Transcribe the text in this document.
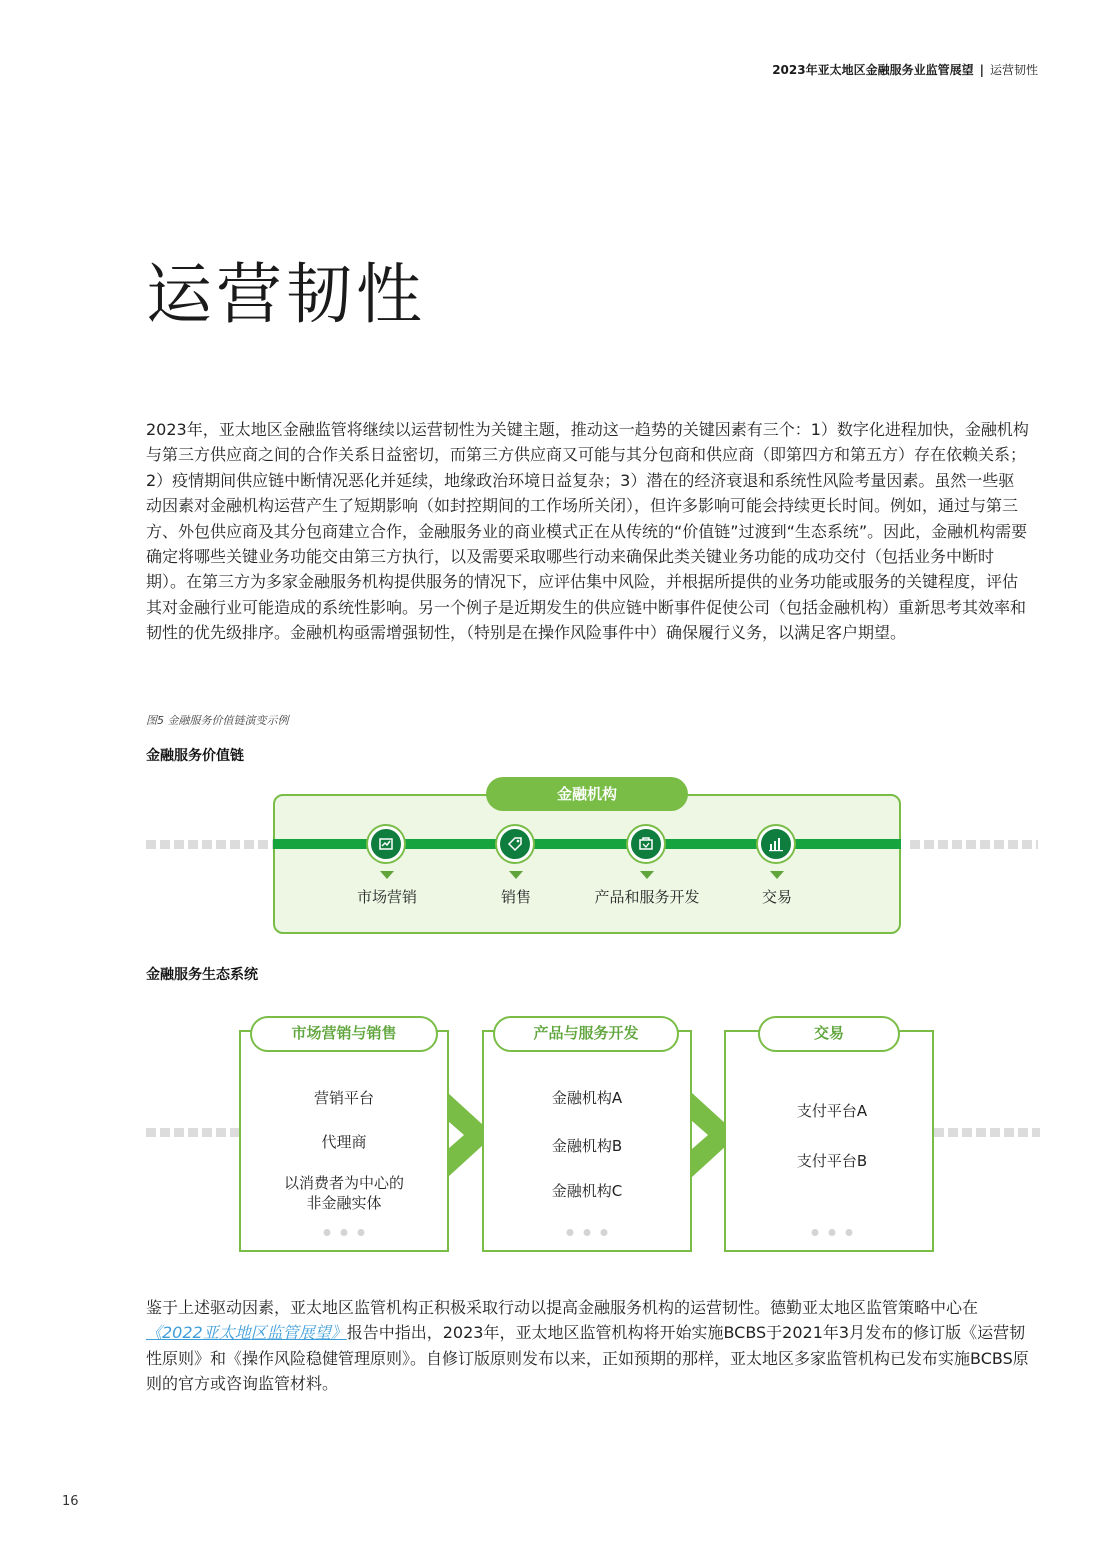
2023年亚太地区金融服务业监管展望 | 运营韧性
运营韧性

2023年，亚太地区金融监管将继续以运营韧性为关键主题，推动这一趋势的关键因素有三个：1）数字化进程加快，金融机构与第三方供应商之间的合作关系日益密切，而第三方供应商又可能与其分包商和供应商（即第四方和第五方）存在依赖关系；2）疫情期间供应链中断情况恶化并延续，地缘政治环境日益复杂；3）潜在的经济衰退和系统性风险考量因素。虽然一些驱动因素对金融机构运营产生了短期影响（如封控期间的工作场所关闭），但许多影响可能会持续更长时间。例如，通过与第三方、外包供应商及其分包商建立合作，金融服务业的商业模式正在从传统的“价值链”过渡到“生态系统”。因此，金融机构需要确定将哪些关键业务功能交由第三方执行，以及需要采取哪些行动来确保此类关键业务功能的成功交付（包括业务中断时期）。在第三方为多家金融服务机构提供服务的情况下，应评估集中风险，并根据所提供的业务功能或服务的关键程度，评估其对金融行业可能造成的系统性影响。另一个例子是近期发生的供应链中断事件促使公司（包括金融机构）重新思考其效率和韧性的优先级排序。金融机构亟需增强韧性，（特别是在操作风险事件中）确保履行义务，以满足客户期望。

图5 金融服务价值链演变示例
金融服务价值链
金融机构
市场营销	销售	产品和服务开发	交易
金融服务生态系统
市场营销与销售
营销平台
代理商
以消费者为中心的
非金融实体
产品与服务开发
金融机构A
金融机构B
金融机构C
交易
支付平台A
支付平台B

鉴于上述驱动因素，亚太地区监管机构正积极采取行动以提高金融服务机构的运营韧性。德勤亚太地区监管策略中心在《2022亚太地区监管展望》报告中指出，2023年，亚太地区监管机构将开始实施BCBS于2021年3月发布的修订版《运营韧性原则》和《操作风险稳健管理原则》。自修订版原则发布以来，正如预期的那样，亚太地区多家监管机构已发布实施BCBS原则的官方或咨询监管材料。

16
